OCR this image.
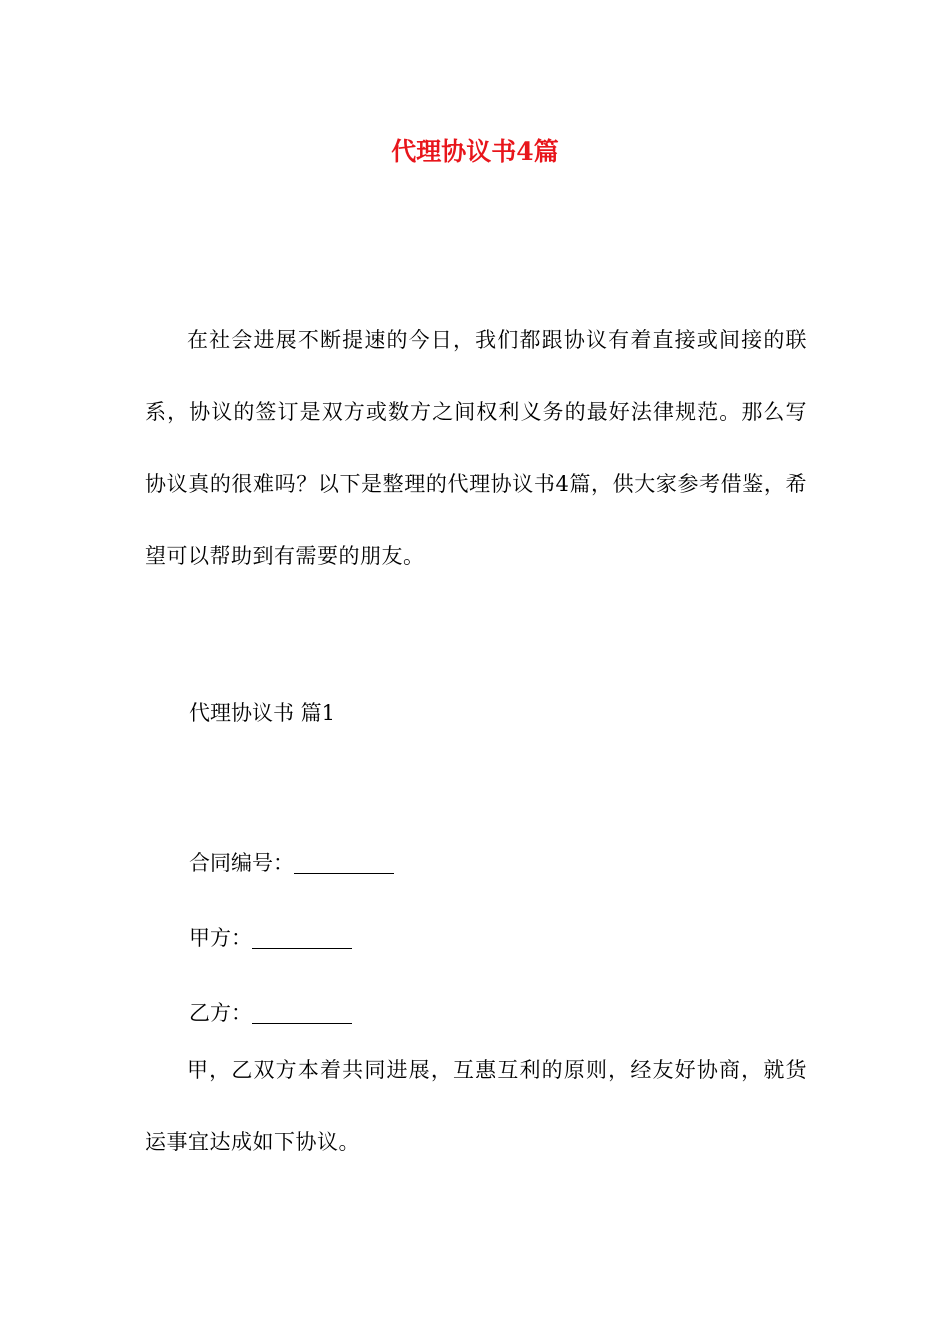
代理协议书4篇

在社会进展不断提速的今日，我们都跟协议有着直接或间接的联系，协议的签订是双方或数方之间权利义务的最好法律规范。那么写协议真的很难吗？以下是整理的代理协议书4篇，供大家参考借鉴，希望可以帮助到有需要的朋友。

代理协议书 篇1

合同编号：

甲方：

乙方：

甲，乙双方本着共同进展，互惠互利的原则，经友好协商，就货运事宜达成如下协议。
